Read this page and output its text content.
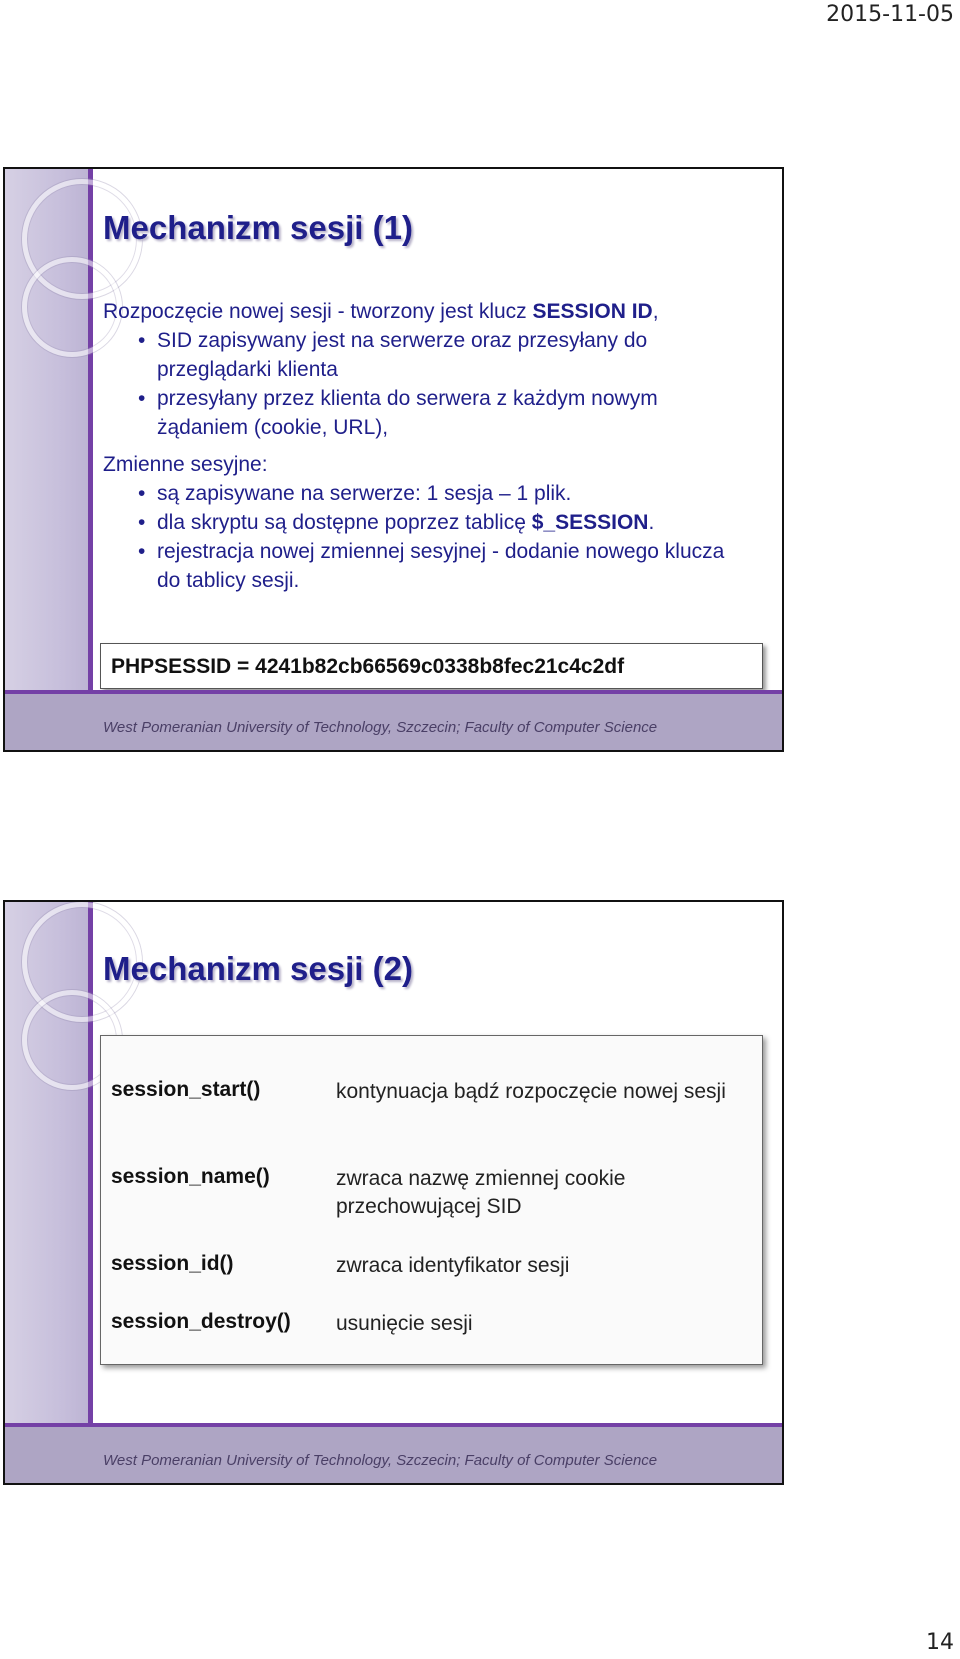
2015-11-05
Mechanizm sesji (1)

Rozpoczęcie nowej sesji - tworzony jest klucz SESSION ID,

• SID zapisywany jest na serwerze oraz przesyłany do przeglądarki klienta
• przesyłany przez klienta do serwera z każdym nowym żądaniem (cookie, URL),

Zmienne sesyjne:

• są zapisywane na serwerze: 1 sesja – 1 plik.
• dla skryptu są dostępne poprzez tablicę $_SESSION.
• rejestracja nowej zmiennej sesyjnej - dodanie nowego klucza do tablicy sesji.
PHPSESSID = 4241b82cb66569c0338b8fec21c4c2df
West Pomeranian University of Technology, Szczecin; Faculty of Computer Science
Mechanizm sesji (2)
session_start()	kontynuacja bądź rozpoczęcie nowej sesji
session_name()	zwraca nazwę zmiennej cookie przechowującej SID
session_id()	zwraca identyfikator sesji
session_destroy() usunięcie sesji
West Pomeranian University of Technology, Szczecin; Faculty of Computer Science
14
